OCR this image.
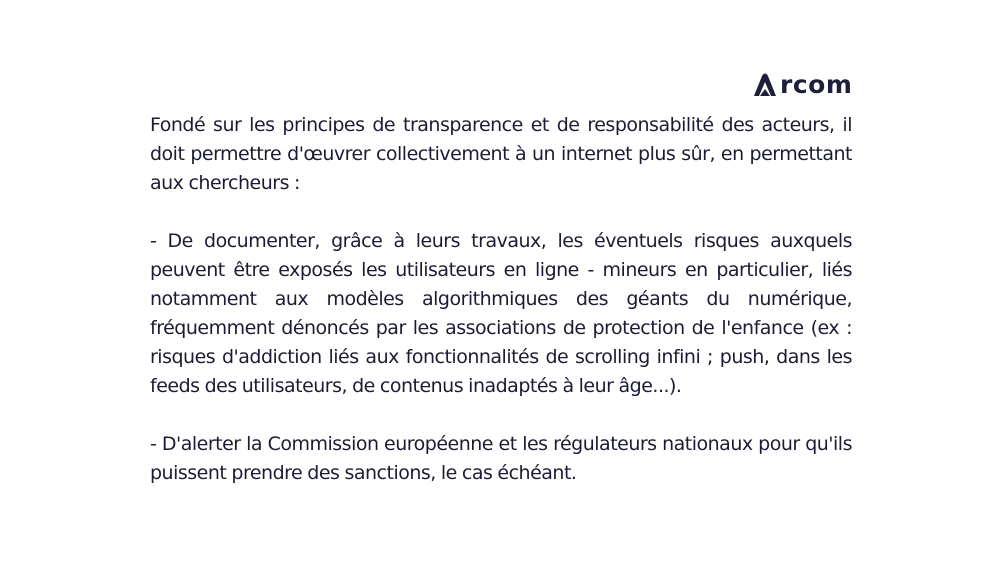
rcom

Fondé sur les principes de transparence et de responsabilité des acteurs, il doit permettre d'œuvrer collectivement à un internet plus sûr, en permettant aux chercheurs :

- De documenter, grâce à leurs travaux, les éventuels risques auxquels peuvent être exposés les utilisateurs en ligne - mineurs en particulier, liés notamment aux modèles algorithmiques des géants du numérique, fréquemment dénoncés par les associations de protection de l'enfance (ex : risques d'addiction liés aux fonctionnalités de scrolling infini ; push, dans les feeds des utilisateurs, de contenus inadaptés à leur âge...).

- D'alerter la Commission européenne et les régulateurs nationaux pour qu'ils puissent prendre des sanctions, le cas échéant.
